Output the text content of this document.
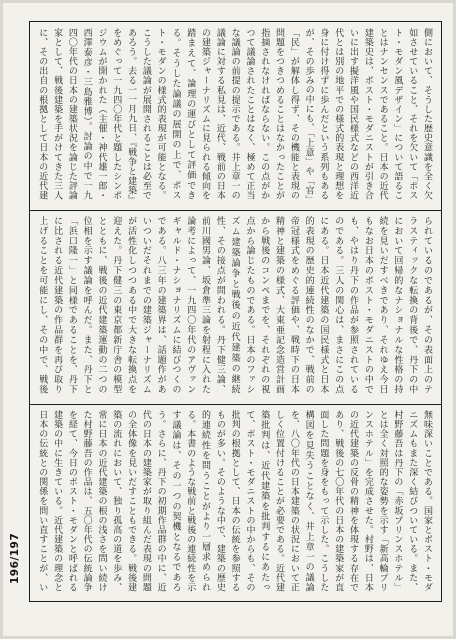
側において、そうした歴史意識を全く欠如させていること、それを欠いて「ポスト・モダン風デザイン」について語ることはナンセンスであること。日本の近代建築史は、ポスト・モダニストが引き合いに出す擬洋風や国民様式などの西洋近代とは別の地平での様式的表現と理想を身に付け得ずに歩んだという系列もあるが、その歩みの中にも、「上意」や「官」「民」が解体し得ず、その機能と表現の問題をつきつめることはなかったことが指摘されなければならない。この点がかつて議論されたことはなく、極めて正当な議論の前提の提示である。井上章一の議論に対する私見は、近代、戦前の日本の建築ジャーナリズムに見られる傾向を踏まえて、論理の運びとして評価できる。そうした論議の展開の上で、ポスト・モダンの様式的表現が可能となる。こうした議論が展開されることは必至であろう。去る一一月九日、『戦争と建築』をめぐって一九四〇年代と題したシンポジウムが開かれた（主催・神代雄一郎・西澤泰彦・三島雅博）。討論の中で一九四〇年代の日本の建築状況を論じた評論家として、戦後建築を手がけてきた三人に、その出自の根拠として日本の近代建

られているのであるが、その表面上のテラスティックな転換の背後で、丹下の中において回帰的なナショナルな性格の持続を見いだすべきであり、それゆえ今日もなお日本のポスト・モダニストの中でも、やはり丹下の作品が参照されているのである。三人の関心は、まさにこの点にある。日本近代建築の国民様式と日本的表現の歴史的連続性のなかで、戦前の帝冠様式をめぐる評価や、戦時下の日本精神と建築の様式、大東亜記念造営計画から戦後のコンペまでを、それぞれの視点から論じたものである。日本のファシズム建築論争と戦後の近代建築の継続性、その接点が問われる。丹下健三論、前川國男論、坂倉準三論を射程に入れた論考によって、一九四〇年代のアヴァンギャルド・ナショナリズムに結びつくのである。八三年の建築界は、話題作があいついだそれまでの建築ジャーナリズムが活性化しつつある中で大きな転換点を迎えた。丹下健三の東京都新庁舎の模型とともに、戦後の近代建築運動の二つの位相を示す議論を呼んだ。また、丹下と「浜口隆一」と同様であることを、丹下に比される近代建築の作品群を再び取り上げることを可能にし、その中で、戦後

無味深いことである。国家とポスト・モダニズムもまた深く結びついている。また、村野藤吾は丹下の「赤坂プリンスホテル」とは全く対照的な姿勢を示す「新高輪プリンスホテル」を完成させた。村野は、日本の近代建築の反骨の精神を体現する存在であり、戦後の七〇年代の日本の建築家が直面した問題を身をもって示した。こうした構図を見失うことなく、井上章一の議論を、八〇年代の日本建築の状況において正しく位置付けることが必要である。近代建築批判は、近代建築を批判するにあたって、ポスト・モダニストの中からも、その批判の根拠として、日本の伝統を参照するものが多い。そのような中で、建築の歴史的連続性を問うことがより一層求められる。本書のような戦前と戦後の連続性を示す議論は、その一つの契機となるであろう。さらに、丹下の初期作品群の中に、近代の日本の建築家が取り組んだ表現の問題の全体像を見いだすこともできる。戦後建築の流れにおいて、独り孤高の道を歩み、常に日本の近代建築の根の浅さを問い続けた村野藤吾の作品は、五〇年代の伝統論争を経て、今日のポスト・モダンと呼ばれる建築の中に生きている。近代建築の理念と日本の伝統との関係を問い直すことが、い

196/197
